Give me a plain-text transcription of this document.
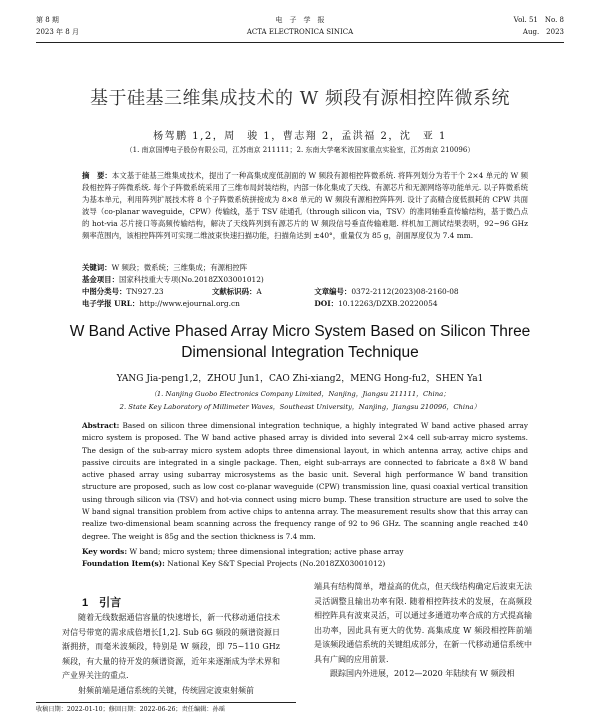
第 8 期
2023 年 8 月
电　子　学　报
ACTA ELECTRONICA SINICA
Vol. 51　No. 8
Aug.　2023
基于硅基三维集成技术的 W 频段有源相控阵微系统
杨驾鹏 1,2，周　骏 1，曹志翔 2，孟洪福 2，沈　亚 1
（1. 南京国博电子股份有限公司，江苏南京 211111；2. 东南大学毫米波国家重点实验室，江苏南京 210096）
摘　要：本文基于硅基三维集成技术，提出了一种高集成度低剖面的 W 频段有源相控阵微系统. 将阵列划分为若干个 2×4 单元的 W 频段相控阵子阵微系统. 每个子阵微系统采用了三维布局封装结构，内部一体化集成了天线、有源芯片和无源网络等功能单元. 以子阵微系统为基本单元，利用阵列扩展技术将 8 个子阵微系统拼接成为 8×8 单元的 W 频段有源相控阵阵列. 设计了高精合度低损耗的 CPW 共面波导（co-planar waveguide，CPW）传输线，基于 TSV 硅通孔（through silicon via，TSV）的准同轴垂直传输结构，基于微凸点的 hot-via 芯片接口等高频传输结构，解决了天线阵列到有源芯片的 W 频段信号垂直传输难题. 样机加工测试结果表明，92~96 GHz 频率范围内，该相控阵阵列可实现二维波束快速扫描功能，扫描角达到 ±40°，重量仅为 85 g，剖面厚度仅为 7.4 mm.
关键词：W 频段；微系统；三维集成；有源相控阵
基金项目：国家科技重大专项(No.2018ZX03001012)
中图分类号：TN927.23	文献标识码：A	文章编号：0372-2112(2023)08-2160-08
电子学报 URL：http://www.ejournal.org.cn	DOI：10.12263/DZXB.20220054
W Band Active Phased Array Micro System Based on Silicon Three Dimensional Integration Technique
YANG Jia-peng1,2，ZHOU Jun1，CAO Zhi-xiang2，MENG Hong-fu2，SHEN Ya1
（1. Nanjing Guobo Electronics Company Limited，Nanjing，Jiangsu 211111，China；
2. State Key Laboratory of Millimeter Waves，Southeast University，Nanjing，Jiangsu 210096，China）
Abstract: Based on silicon three dimensional integration technique, a highly integrated W band active phased array micro system is proposed. The W band active phased array is divided into several 2×4 cell sub-array micro systems. The design of the sub-array micro system adopts three dimensional layout, in which antenna array, active chips and passive circuits are integrated in a single package. Then, eight sub-arrays are connected to fabricate a 8×8 W band active phased array using subarray microsystems as the basic unit. Several high performance W band transition structure are proposed, such as low cost co-planar waveguide (CPW) transmission line, quasi coaxial vertical transition using through silicon via (TSV) and hot-via connect using micro bump. These transition structure are used to solve the W band signal transition problem from active chips to antenna array. The measurement results show that this array can realize two-dimensional beam scanning across the frequency range of 92 to 96 GHz. The scanning angle reached ±40 degree. The weight is 85g and the section thickness is 7.4 mm.
Key words: W band; micro system; three dimensional integration; active phase array
Foundation Item(s): National Key S&T Special Projects (No.2018ZX03001012)
1　引言
随着无线数据通信容量的快速增长，新一代移动通信技术对信号带宽的需求成倍增长[1,2]. Sub 6G 频段的频谱资源日渐拥挤，而毫米波频段，特别是 W 频段，即 75~110 GHz 频段，有大量的待开发的频谱资源，近年来逐渐成为学术界和产业界关注的重点.
　　射频前端是通信系统的关键，传统固定波束射频前
端具有结构简单，增益高的优点，但天线结构确定后波束无法灵活调整且输出功率有限. 随着相控阵技术的发展，在高频段相控阵具有波束灵活，可以通过多通道功率合成的方式提高输出功率，因此具有更大的优势. 高集成度 W 频段相控阵前端是该频段通信系统的关键组成部分，在新一代移动通信系统中具有广阔的应用前景.
　　跟踪国内外进展，2012—2020 年陆续有 W 频段相
收稿日期：2022-01-10；修回日期：2022-06-26；责任编辑：孙瑶
